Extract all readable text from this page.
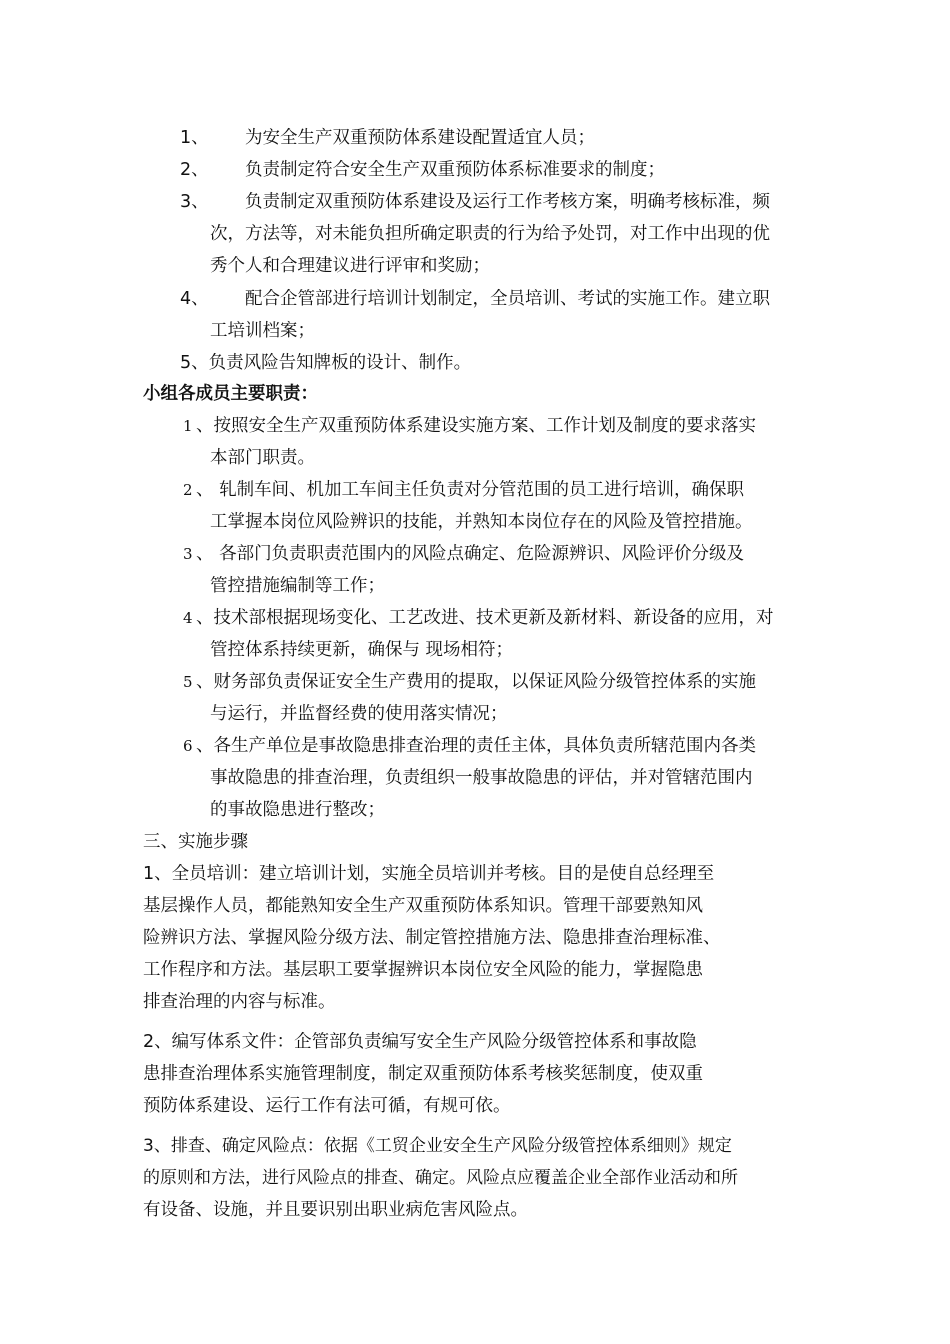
1、 为安全生产双重预防体系建设配置适宜人员；
2、 负责制定符合安全生产双重预防体系标准要求的制度；
3、 负责制定双重预防体系建设及运行工作考核方案，明确考核标准，频
次，方法等，对未能负担所确定职责的行为给予处罚，对工作中出现的优
秀个人和合理建议进行评审和奖励；
4、 配合企管部进行培训计划制定，全员培训、考试的实施工作。建立职
工培训档案；
5、负责风险告知牌板的设计、制作。
小组各成员主要职责：
1 、按照安全生产双重预防体系建设实施方案、工作计划及制度的要求落实
本部门职责。
2 、 轧制车间、机加工车间主任负责对分管范围的员工进行培训，确保职
工掌握本岗位风险辨识的技能，并熟知本岗位存在的风险及管控措施。
3 、 各部门负责职责范围内的风险点确定、危险源辨识、风险评价分级及
管控措施编制等工作；
4 、技术部根据现场变化、工艺改进、技术更新及新材料、新设备的应用，对
管控体系持续更新，确保与 现场相符；
5 、财务部负责保证安全生产费用的提取，以保证风险分级管控体系的实施
与运行，并监督经费的使用落实情况；
6 、各生产单位是事故隐患排查治理的责任主体，具体负责所辖范围内各类
事故隐患的排查治理，负责组织一般事故隐患的评估，并对管辖范围内
的事故隐患进行整改；
三、实施步骤
1、全员培训：建立培训计划，实施全员培训并考核。目的是使自总经理至
基层操作人员，都能熟知安全生产双重预防体系知识。管理干部要熟知风
险辨识方法、掌握风险分级方法、制定管控措施方法、隐患排查治理标准、
工作程序和方法。基层职工要掌握辨识本岗位安全风险的能力，掌握隐患
排查治理的内容与标准。
2、编写体系文件：企管部负责编写安全生产风险分级管控体系和事故隐
患排查治理体系实施管理制度，制定双重预防体系考核奖惩制度，使双重
预防体系建设、运行工作有法可循，有规可依。
3、排查、确定风险点：依据《工贸企业安全生产风险分级管控体系细则》规定
的原则和方法，进行风险点的排查、确定。风险点应覆盖企业全部作业活动和所
有设备、设施，并且要识别出职业病危害风险点。
